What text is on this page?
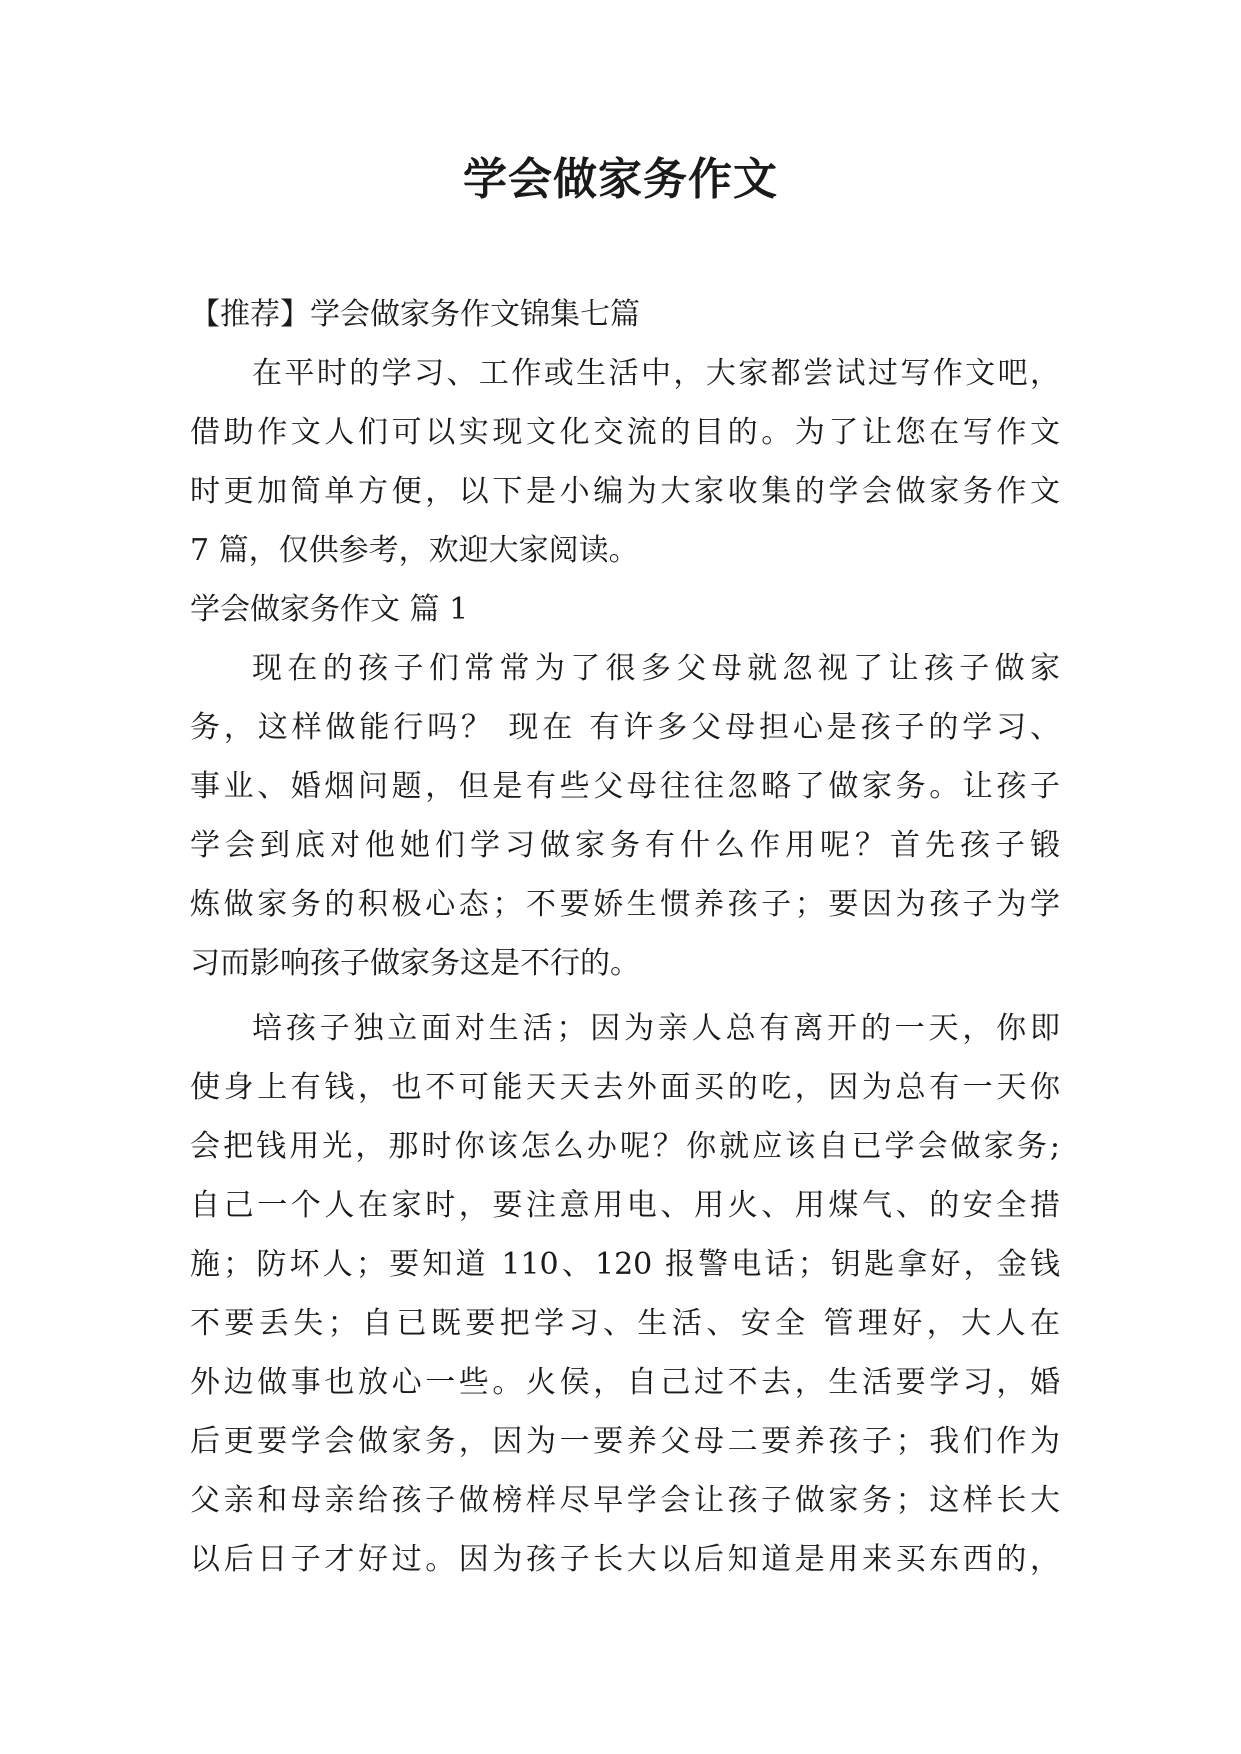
学会做家务作文
【推荐】学会做家务作文锦集七篇
在平时的学习、工作或生活中，大家都尝试过写作文吧，
借助作文人们可以实现文化交流的目的。为了让您在写作文
时更加简单方便，以下是小编为大家收集的学会做家务作文
7 篇，仅供参考，欢迎大家阅读。
学会做家务作文 篇 1
现在的孩子们常常为了很多父母就忽视了让孩子做家
务，这样做能行吗？ 现在 有许多父母担心是孩子的学习、
事业、婚烟问题，但是有些父母往往忽略了做家务。让孩子
学会到底对他她们学习做家务有什么作用呢？首先孩子锻
炼做家务的积极心态；不要娇生惯养孩子；要因为孩子为学
习而影响孩子做家务这是不行的。
培孩子独立面对生活；因为亲人总有离开的一天，你即
使身上有钱，也不可能天天去外面买的吃，因为总有一天你
会把钱用光，那时你该怎么办呢？你就应该自已学会做家务;
自己一个人在家时，要注意用电、用火、用煤气、的安全措
施；防坏人；要知道 110、120 报警电话；钥匙拿好，金钱
不要丢失；自已既要把学习、生活、安全 管理好，大人在
外边做事也放心一些。火侯，自己过不去，生活要学习，婚
后更要学会做家务，因为一要养父母二要养孩子；我们作为
父亲和母亲给孩子做榜样尽早学会让孩子做家务；这样长大
以后日子才好过。因为孩子长大以后知道是用来买东西的，
